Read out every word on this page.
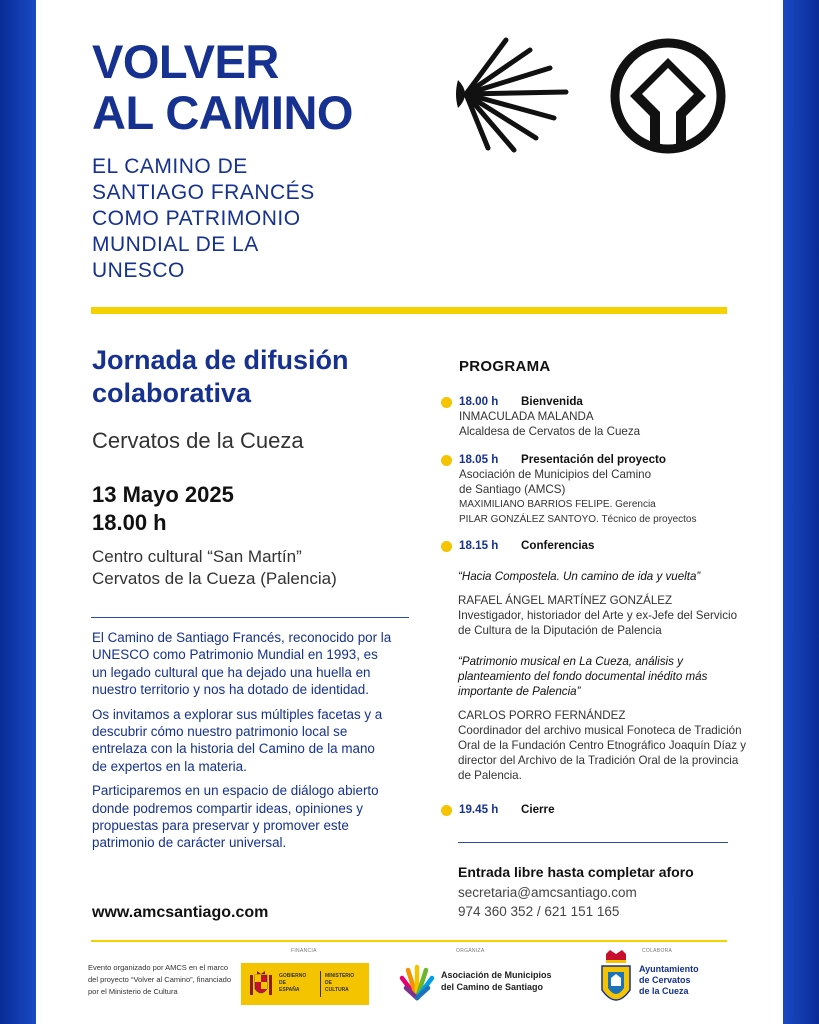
VOLVER
AL CAMINO
EL CAMINO DE
SANTIAGO FRANCÉS
COMO PATRIMONIO
MUNDIAL DE LA
UNESCO
Jornada de difusión
colaborativa
Cervatos de la Cueza
13 Mayo 2025
18.00 h
Centro cultural “San Martín”
Cervatos de la Cueza (Palencia)

El Camino de Santiago Francés, reconocido por la UNESCO como Patrimonio Mundial en 1993, es un legado cultural que ha dejado una huella en nuestro territorio y nos ha dotado de identidad.

Os invitamos a explorar sus múltiples facetas y a descubrir cómo nuestro patrimonio local se entrelaza con la historia del Camino de la mano de expertos en la materia.

Participaremos en un espacio de diálogo abierto donde podremos compartir ideas, opiniones y propuestas para preservar y promover este patrimonio de carácter universal.

www.amcsantiago.com
PROGRAMA
18.00 h Bienvenida
INMACULADA MALANDA
Alcaldesa de Cervatos de la Cueza
18.05 h Presentación del proyecto
Asociación de Municipios del Camino
de Santiago (AMCS)
MAXIMILIANO BARRIOS FELIPE. Gerencia
PILAR GONZÁLEZ SANTOYO. Técnico de proyectos
18.15 h Conferencias
“Hacia Compostela. Un camino de ida y vuelta”
RAFAEL ÁNGEL MARTÍNEZ GONZÁLEZ
Investigador, historiador del Arte y ex-Jefe del Servicio de Cultura de la Diputación de Palencia
“Patrimonio musical en La Cueza, análisis y planteamiento del fondo documental inédito más importante de Palencia”
CARLOS PORRO FERNÁNDEZ
Coordinador del archivo musical Fonoteca de Tradición Oral de la Fundación Centro Etnográfico Joaquín Díaz y director del Archivo de la Tradición Oral de la provincia de Palencia.
19.45 h Cierre
Entrada libre hasta completar aforo
secretaria@amcsantiago.com
974 360 352 / 621 151 165
Evento organizado por AMCS en el marco del proyecto “Volver al Camino”, financiado por el Ministerio de Cultura
FINANCIA
GOBIERNO
DE
ESPAÑA
MINISTERIO
DE
CULTURA
ORGANIZA
Asociación de Municipios
del Camino de Santiago
COLABORA
Ayuntamiento
de Cervatos
de la Cueza
